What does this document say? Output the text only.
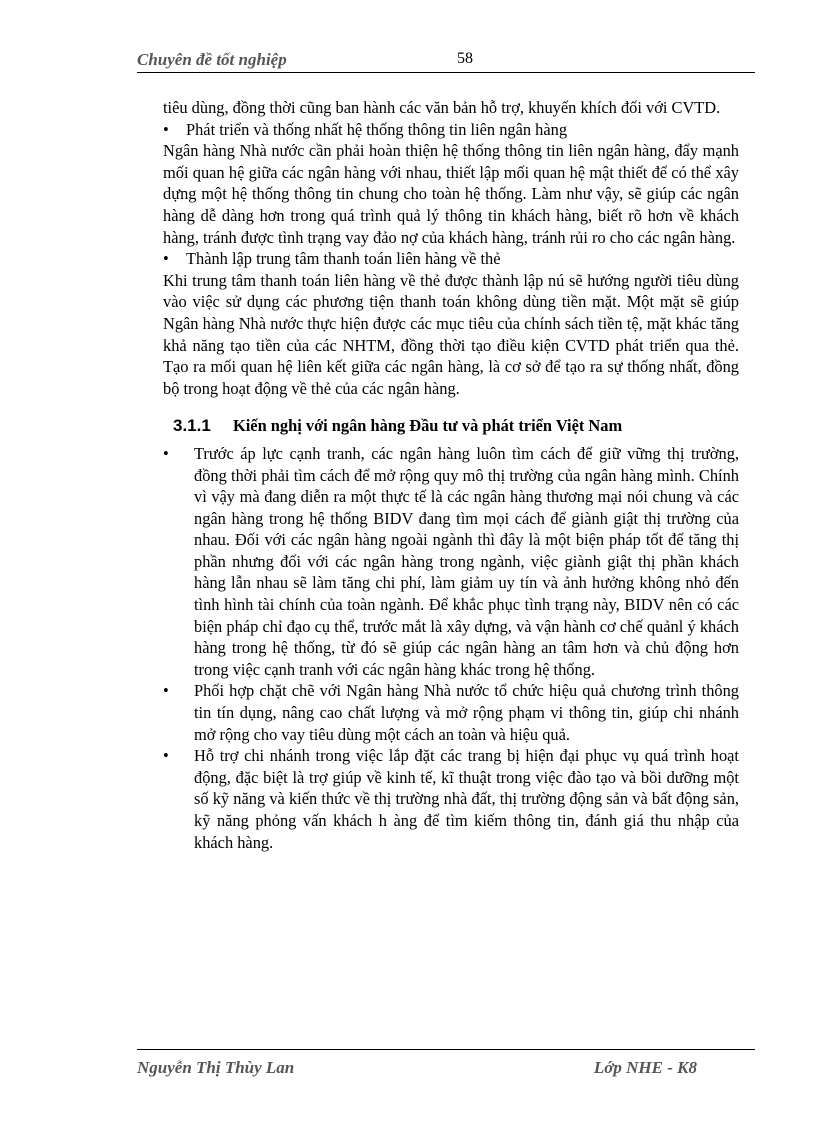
Chuyên đề tốt nghiệp	58

tiêu dùng, đồng thời cũng ban hành các văn bản hỗ trợ, khuyến khích đối với CVTD.

• Phát triển và thống nhất hệ thống thông tin liên ngân hàng

Ngân hàng Nhà nước cần phải hoàn thiện hệ thống thông tin liên ngân hàng, đẩy mạnh mối quan hệ giữa các ngân hàng với nhau, thiết lập mối quan hệ mật thiết để có thể xây dựng một hệ thống thông tin chung cho toàn hệ thống. Làm như vậy, sẽ giúp các ngân hàng dễ dàng hơn trong quá trình quả lý thông tin khách hàng, biết rõ hơn về khách hàng, tránh được tình trạng vay đảo nợ của khách hàng, tránh rủi ro cho các ngân hàng.

• Thành lập trung tâm thanh toán liên hàng về thẻ

Khi trung tâm thanh toán liên hàng về thẻ được thành lập nú sẽ hướng người tiêu dùng vào việc sử dụng các phương tiện thanh toán không dùng tiền mặt. Một mặt sẽ giúp Ngân hàng Nhà nước thực hiện được các mục tiêu của chính sách tiền tệ, mặt khác tăng khả năng tạo tiền của các NHTM, đồng thời tạo điều kiện CVTD phát triển qua thẻ. Tạo ra mối quan hệ liên kết giữa các ngân hàng, là cơ sở để tạo ra sự thống nhất, đồng bộ trong hoạt động về thẻ của các ngân hàng.

3.1.1 Kiến nghị với ngân hàng Đầu tư và phát triển Việt Nam

• Trước áp lực cạnh tranh, các ngân hàng luôn tìm cách để giữ vững thị trường, đồng thời phải tìm cách để mở rộng quy mô thị trường của ngân hàng mình. Chính vì vậy mà đang diễn ra một thực tế là các ngân hàng thương mại nói chung và các ngân hàng trong hệ thống BIDV đang tìm mọi cách để giành giật thị trường của nhau. Đối với các ngân hàng ngoài ngành thì đây là một biện pháp tốt để tăng thị phần nhưng đối với các ngân hàng trong ngành, việc giành giật thị phần khách hàng lẫn nhau sẽ làm tăng chi phí, làm giảm uy tín và ảnh hưởng không nhỏ đến tình hình tài chính của toàn ngành. Để khắc phục tình trạng này, BIDV nên có các biện pháp chỉ đạo cụ thể, trước mắt là xây dựng, và vận hành cơ chế quảnl ý khách hàng trong hệ thống, từ đó sẽ giúp các ngân hàng an tâm hơn và chủ động hơn trong việc cạnh tranh với các ngân hàng khác trong hệ thống.

• Phối hợp chặt chẽ với Ngân hàng Nhà nước tổ chức hiệu quả chương trình thông tin tín dụng, nâng cao chất lượng và mở rộng phạm vi thông tin, giúp chi nhánh mở rộng cho vay tiêu dùng một cách an toàn và hiệu quả.

• Hỗ trợ chi nhánh trong việc lắp đặt các trang bị hiện đại phục vụ quá trình hoạt động, đặc biệt là trợ giúp về kinh tế, kĩ thuật trong việc đào tạo và bồi dưỡng một số kỹ năng và kiến thức về thị trường nhà đất, thị trường động sản và bất động sản, kỹ năng phỏng vấn khách h àng để tìm kiếm thông tin, đánh giá thu nhập của khách hàng.

Nguyễn Thị Thùy Lan	Lớp NHE - K8
